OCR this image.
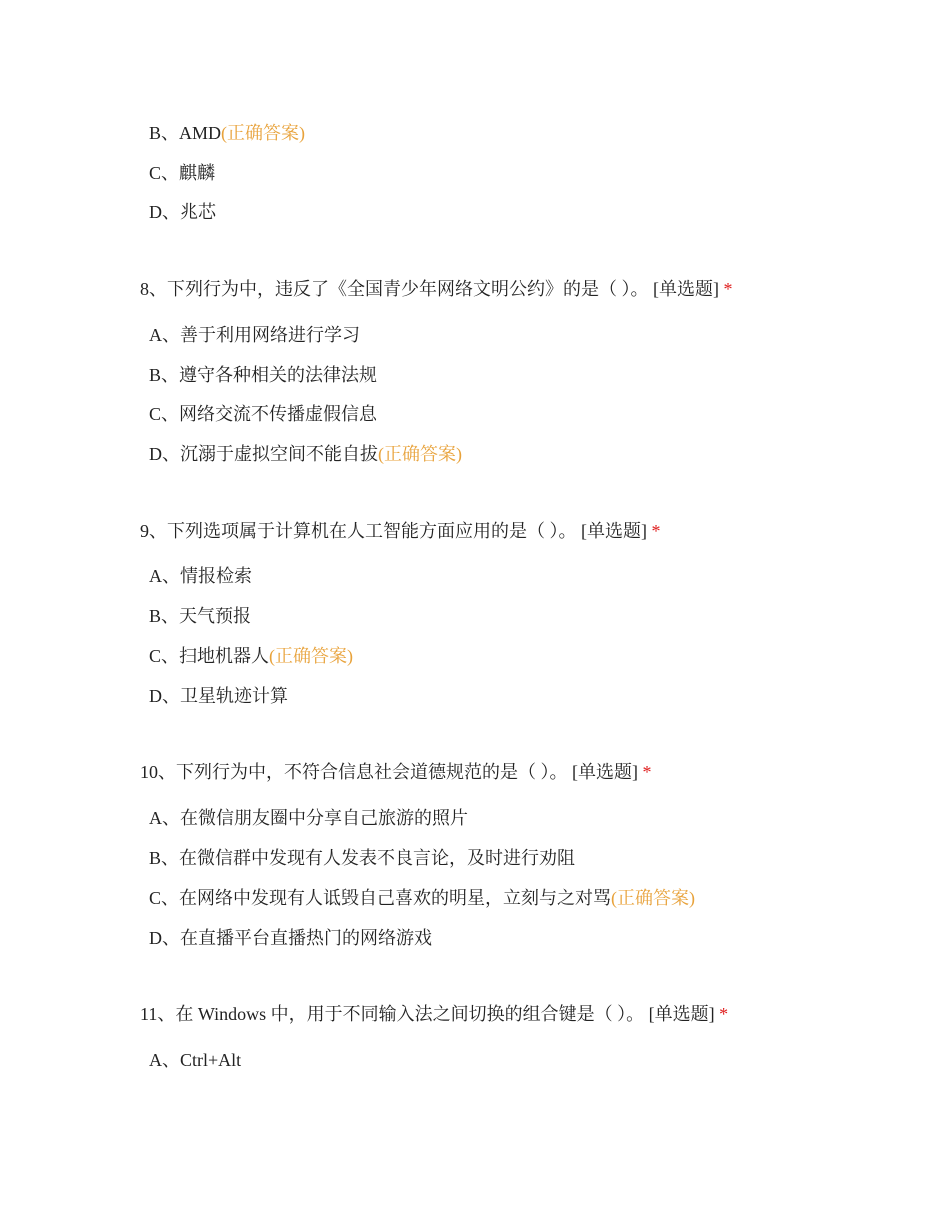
B、AMD(正确答案)
C、麒麟
D、兆芯
8、下列行为中，违反了《全国青少年网络文明公约》的是（ ）。 [单选题] *
A、善于利用网络进行学习
B、遵守各种相关的法律法规
C、网络交流不传播虚假信息
D、沉溺于虚拟空间不能自拔(正确答案)
9、下列选项属于计算机在人工智能方面应用的是（ ）。 [单选题] *
A、情报检索
B、天气预报
C、扫地机器人(正确答案)
D、卫星轨迹计算
10、下列行为中，不符合信息社会道德规范的是（ ）。 [单选题] *
A、在微信朋友圈中分享自己旅游的照片
B、在微信群中发现有人发表不良言论，及时进行劝阻
C、在网络中发现有人诋毁自己喜欢的明星，立刻与之对骂(正确答案)
D、在直播平台直播热门的网络游戏
11、在 Windows 中，用于不同输入法之间切换的组合键是（ ）。 [单选题] *
A、Ctrl+Alt
